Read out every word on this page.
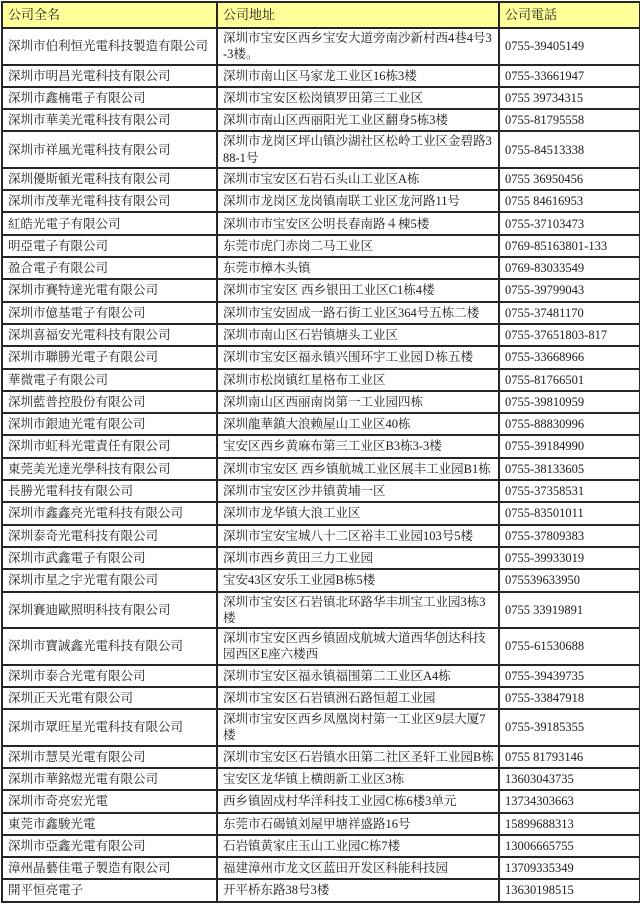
公司全名	公司地址	公司電話
深圳市伯利恒光電科技製造有限公司	深圳市宝安区西乡宝安大道旁南沙新村西4巷4号3-3楼。	0755-39405149
深圳市明昌光電科技有限公司	深圳市南山区马家龙工业区16栋3楼	0755-33661947
深圳市鑫楠電子有限公司	深圳市宝安区松岗镇罗田第三工业区	0755 39734315
深圳市華美光電科技有限公司	深圳市南山区西丽阳光工业区翻身5栋3楼	0755-81795558
深圳市祥風光電科技有限公司	深圳市龙岗区坪山镇沙湖社区松岭工业区金碧路388-1号	0755-84513338
深圳優斯頓光電科技有限公司	深圳市宝安区石岩石头山工业区A栋	0755 36950456
深圳市茂華光電科技有限公司	深圳市龙岗区龙岗镇南联工业区龙河路11号	0755 84616953
紅皓光電子有限公司	深圳市市宝安区公明長春南路４棟5楼	0755-37103473
明亞電子有限公司	东莞市虎门赤岗二马工业区	0769-85163801-133
盈合電子有限公司	东莞市樟木头镇	0769-83033549
深圳市賽特達光電有限公司	深圳市宝安区 西乡银田工业区C1栋4楼	0755-39799043
深圳市億基電子有限公司	深圳市宝安固成一路石街工业区364号五栋二楼	0755-37481170
深圳喜福安光電科技有限公司	深圳市南山区石岩镇塘头工业区	0755-37651803-817
深圳市聯勝光電子有限公司	深圳市宝安区福永镇兴围环宇工业园Ｄ栋五楼	0755-33668966
華微電子有限公司	深圳市松岗镇红星格布工业区	0755-81766501
深圳藍普控股份有限公司	深圳南山区西丽南岗第一工业园四栋	0755-39810959
深圳市銀迪光電有限公司	深圳龍華鎮大浪赖屋山工业区40栋	0755-88830996
深圳市虹科光電責任有限公司	宝安区西乡黄麻布第三工业区B3栋3-3楼	0755-39184990
東莞美光達光學科技有限公司	深圳市宝安区 西乡镇航城工业区展丰工业园B1栋	0755-38133605
長勝光電科技有限公司	深圳市宝安区沙井镇黄埔一区	0755-37358531
深圳市鑫鑫亮光電科技有限公司	深圳市龙华镇大浪工业区	0755-83501011
深圳泰奇光電科技有限公司	深圳市宝安宝城八十二区裕丰工业园103号5楼	0755-37809383
深圳市武鑫電子有限公司	深圳市西乡黄田三力工业园	0755-39933019
深圳市星之宇光電有限公司	宝安43区安乐工业园B栋5楼	075539633950
深圳賽迪歐照明科技有限公司	深圳市宝安区石岩镇北环路华丰圳宝工业园3栋3楼	0755 33919891
深圳市寶誠鑫光電科技有限公司	深圳市宝安区西乡镇固戍航城大道西华创达科技园西区E座六楼西	0755-61530688
深圳市泰合光電有限公司	深圳市宝安区福永镇福围第二工业区A4栋	0755-39439735
深圳正天光電有限公司	深圳市宝安区石岩镇洲石路恒超工业园	0755-33847918
深圳市眾旺星光電科技有限公司	深圳市宝安区西乡凤凰岗村第一工业区9层大厦7楼	0755-39185355
深圳市慧昊光電有限公司	深圳市宝安区石岩镇水田第二社区圣轩工业园B栋	0755 81793146
深圳市華銘煜光電有限公司	宝安区龙华镇上横朗新工业区3栋	13603043735
深圳市奇亮宏光電	西乡镇固戍村华洋科技工业园C栋6楼3单元	13734303663
東莞市鑫駿光電	东莞市石碣镇刘屋甲塘祥盛路16号	15899688313
深圳市亞鑫光電有限公司	石岩镇黄家庄玉山工业园C栋7楼	13006665755
漳州晶藝佳電子製造有限公司	福建漳州市龙文区蓝田开发区科能科技园	13709335349
開平恒亮電子	开平桥东路38号3楼	13630198515
